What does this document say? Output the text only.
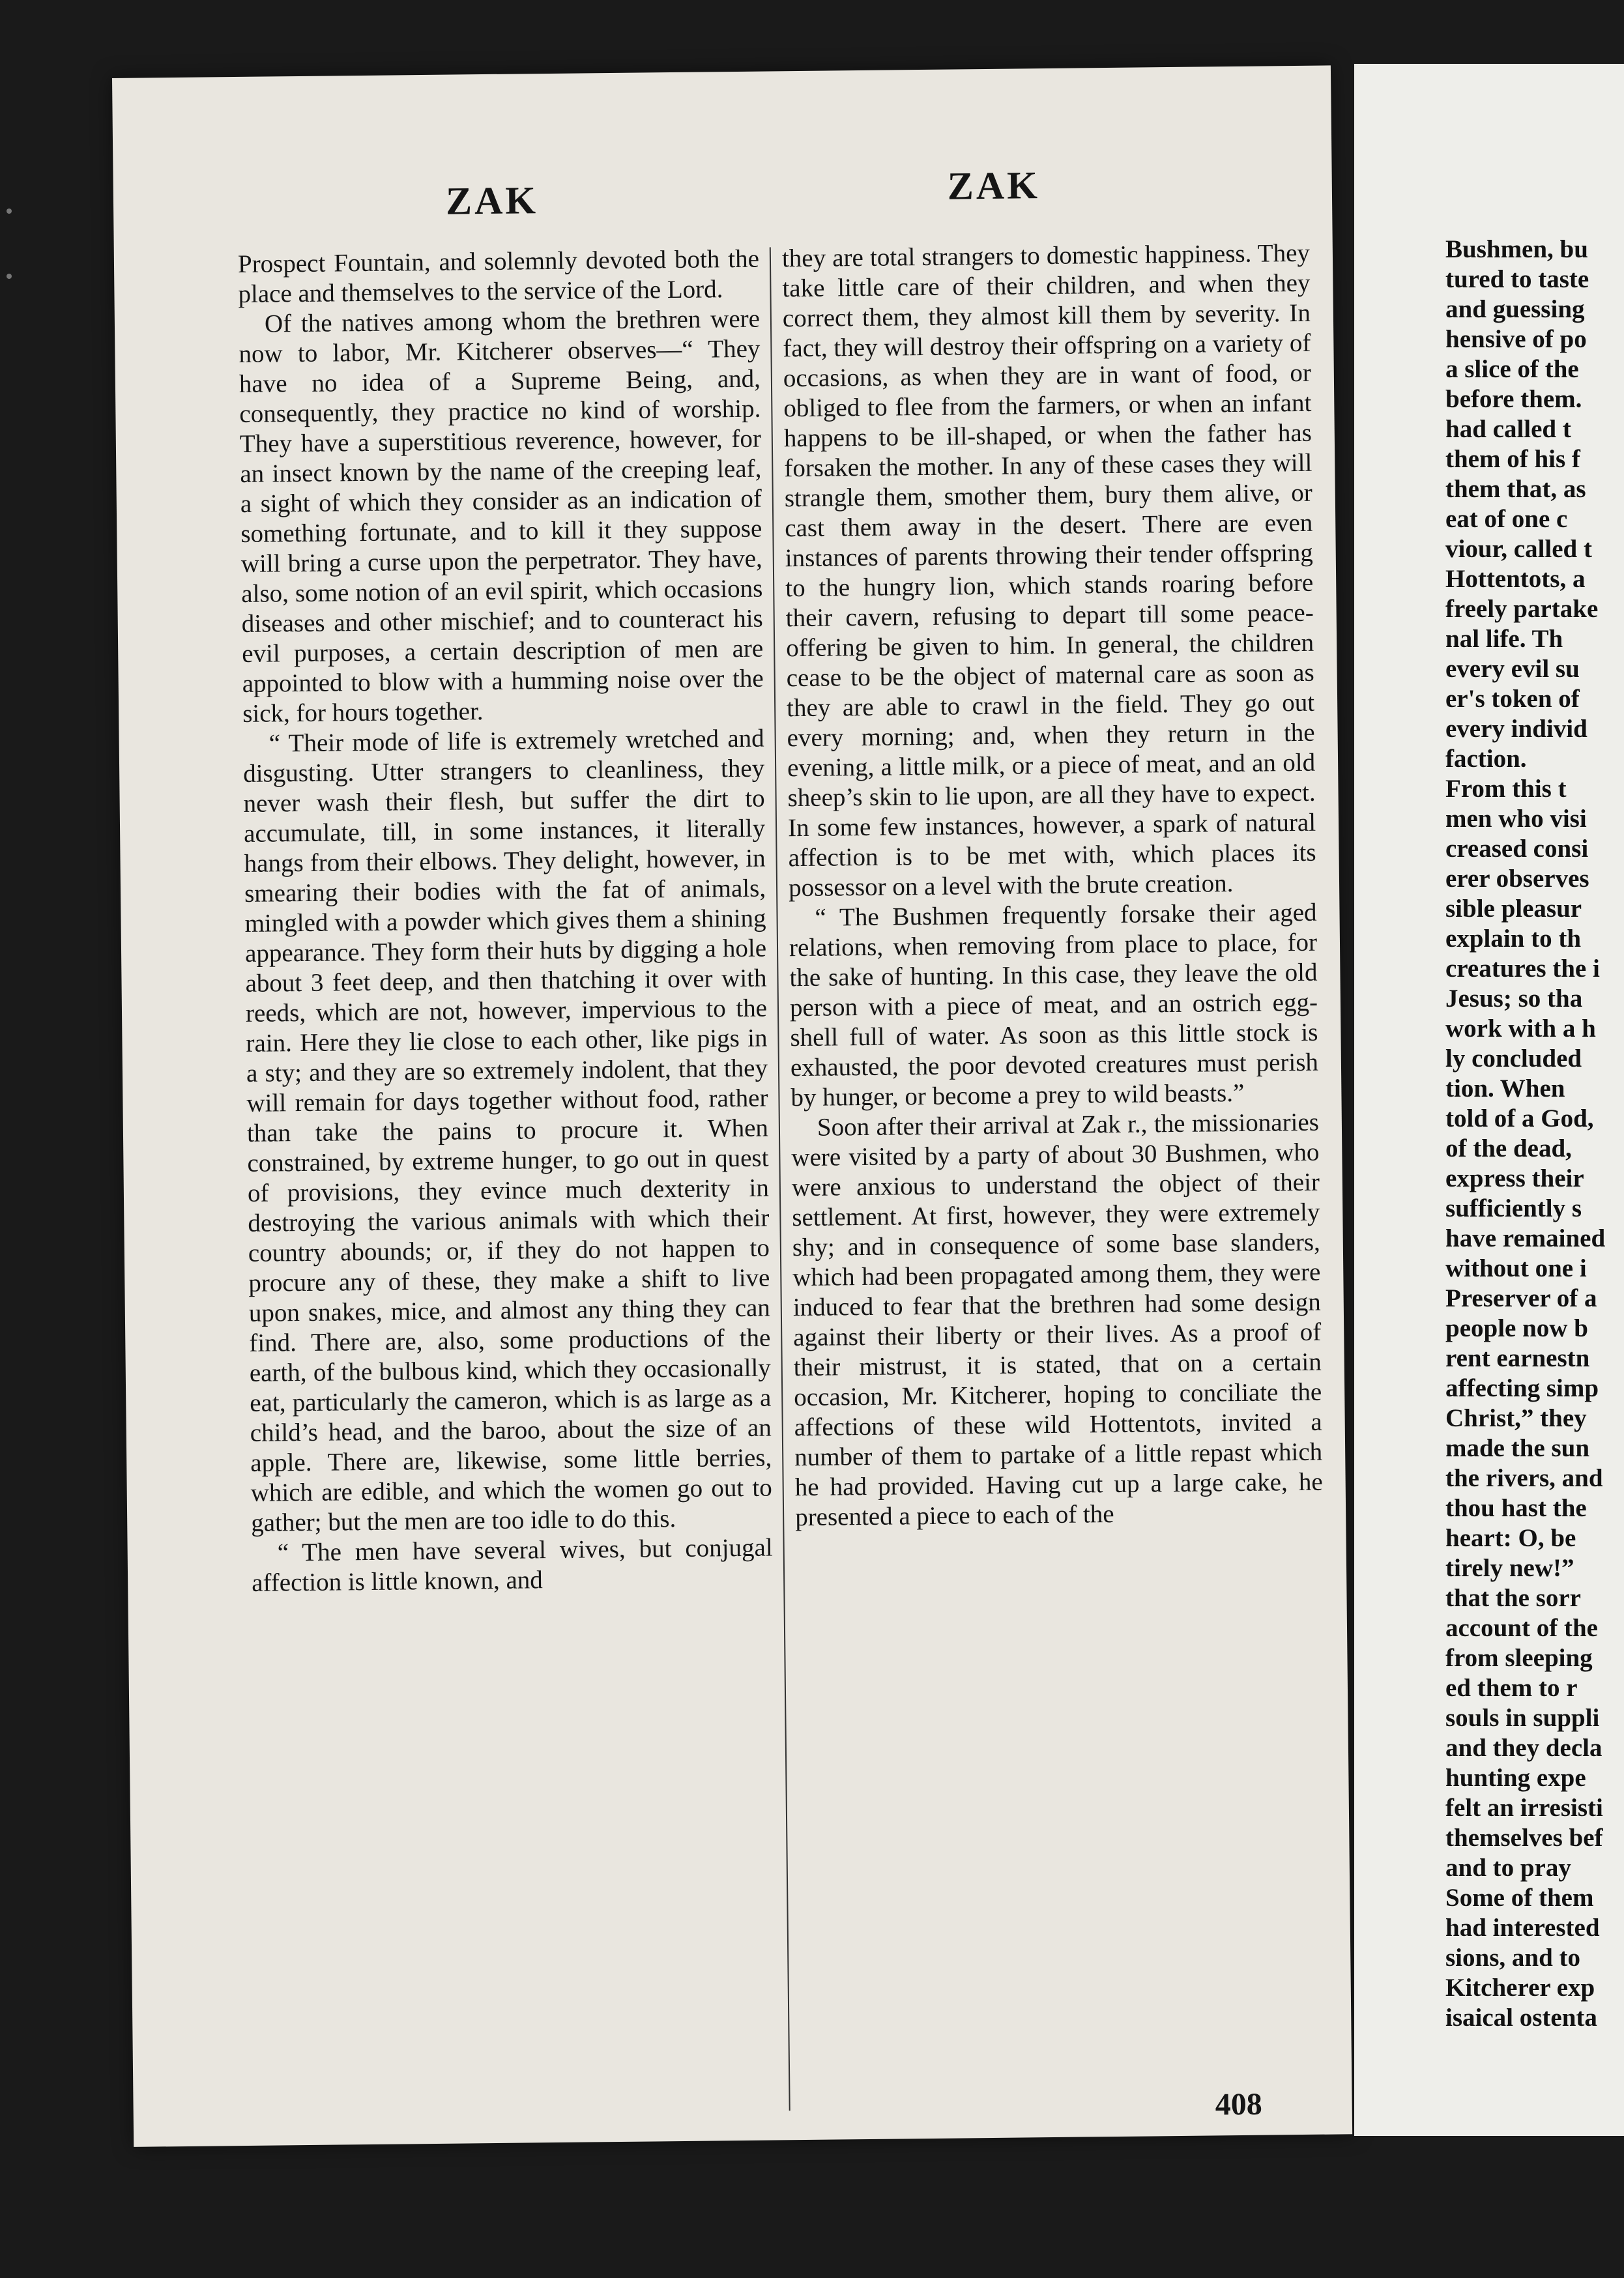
ZAK	ZAK

Prospect Fountain, and solemnly devoted both the place and themselves to the service of the Lord.

Of the natives among whom the brethren were now to labor, Mr. Kitcherer observes—“ They have no idea of a Supreme Being, and, consequently, they practice no kind of worship. They have a superstitious reverence, however, for an insect known by the name of the creeping leaf, a sight of which they consider as an indication of something fortunate, and to kill it they suppose will bring a curse upon the perpetrator. They have, also, some notion of an evil spirit, which occasions diseases and other mischief; and to counteract his evil purposes, a certain description of men are appointed to blow with a humming noise over the sick, for hours together.

“ Their mode of life is extremely wretched and disgusting. Utter strangers to cleanliness, they never wash their flesh, but suffer the dirt to accumulate, till, in some instances, it literally hangs from their elbows. They delight, however, in smearing their bodies with the fat of animals, mingled with a powder which gives them a shining appearance. They form their huts by digging a hole about 3 feet deep, and then thatching it over with reeds, which are not, however, impervious to the rain. Here they lie close to each other, like pigs in a sty; and they are so extremely indolent, that they will remain for days together without food, rather than take the pains to procure it. When constrained, by extreme hunger, to go out in quest of provisions, they evince much dexterity in destroying the various animals with which their country abounds; or, if they do not happen to procure any of these, they make a shift to live upon snakes, mice, and almost any thing they can find. There are, also, some productions of the earth, of the bulbous kind, which they occasionally eat, particularly the cameron, which is as large as a child’s head, and the baroo, about the size of an apple. There are, likewise, some little berries, which are edible, and which the women go out to gather; but the men are too idle to do this.

“ The men have several wives, but conjugal affection is little known, and

they are total strangers to domestic happiness. They take little care of their children, and when they correct them, they almost kill them by severity. In fact, they will destroy their offspring on a variety of occasions, as when they are in want of food, or obliged to flee from the farmers, or when an infant happens to be ill-shaped, or when the father has forsaken the mother. In any of these cases they will strangle them, smother them, bury them alive, or cast them away in the desert. There are even instances of parents throwing their tender offspring to the hungry lion, which stands roaring before their cavern, refusing to depart till some peace-offering be given to him. In general, the children cease to be the object of maternal care as soon as they are able to crawl in the field. They go out every morning; and, when they return in the evening, a little milk, or a piece of meat, and an old sheep’s skin to lie upon, are all they have to expect. In some few instances, however, a spark of natural affection is to be met with, which places its possessor on a level with the brute creation.

“ The Bushmen frequently forsake their aged relations, when removing from place to place, for the sake of hunting. In this case, they leave the old person with a piece of meat, and an ostrich egg-shell full of water. As soon as this little stock is exhausted, the poor devoted creatures must perish by hunger, or become a prey to wild beasts.”

Soon after their arrival at Zak r., the missionaries were visited by a party of about 30 Bushmen, who were anxious to understand the object of their settlement. At first, however, they were extremely shy; and in consequence of some base slanders, which had been propagated among them, they were induced to fear that the brethren had some design against their liberty or their lives. As a proof of their mistrust, it is stated, that on a certain occasion, Mr. Kitcherer, hoping to conciliate the affections of these wild Hottentots, invited a number of them to partake of a little repast which he had provided. Having cut up a large cake, he presented a piece to each of the

408
Bushmen, bu
tured to taste
and guessing
hensive of po
a slice of the
before them.
had called t
them of his f
them that, as
eat of one c
viour, called t
Hottentots, a
freely partake
nal life. Th
every evil su
er's token of
every individ
faction.
From this t
men who visi
creased consi
erer observes
sible pleasur
explain to th
creatures the i
Jesus; so tha
work with a h
ly concluded
tion. When
told of a God,
of the dead,
express their
sufficiently s
have remained
without one i
Preserver of a
people now b
rent earnestn
affecting simp
Christ,” they
made the sun
the rivers, and
thou hast the
heart: O, be
tirely new!”
that the sorr
account of the
from sleeping
ed them to r
souls in suppli
and they decla
hunting expe
felt an irresisti
themselves bef
and to pray
Some of them
had interested
sions, and to
Kitcherer exp
isaical ostenta
